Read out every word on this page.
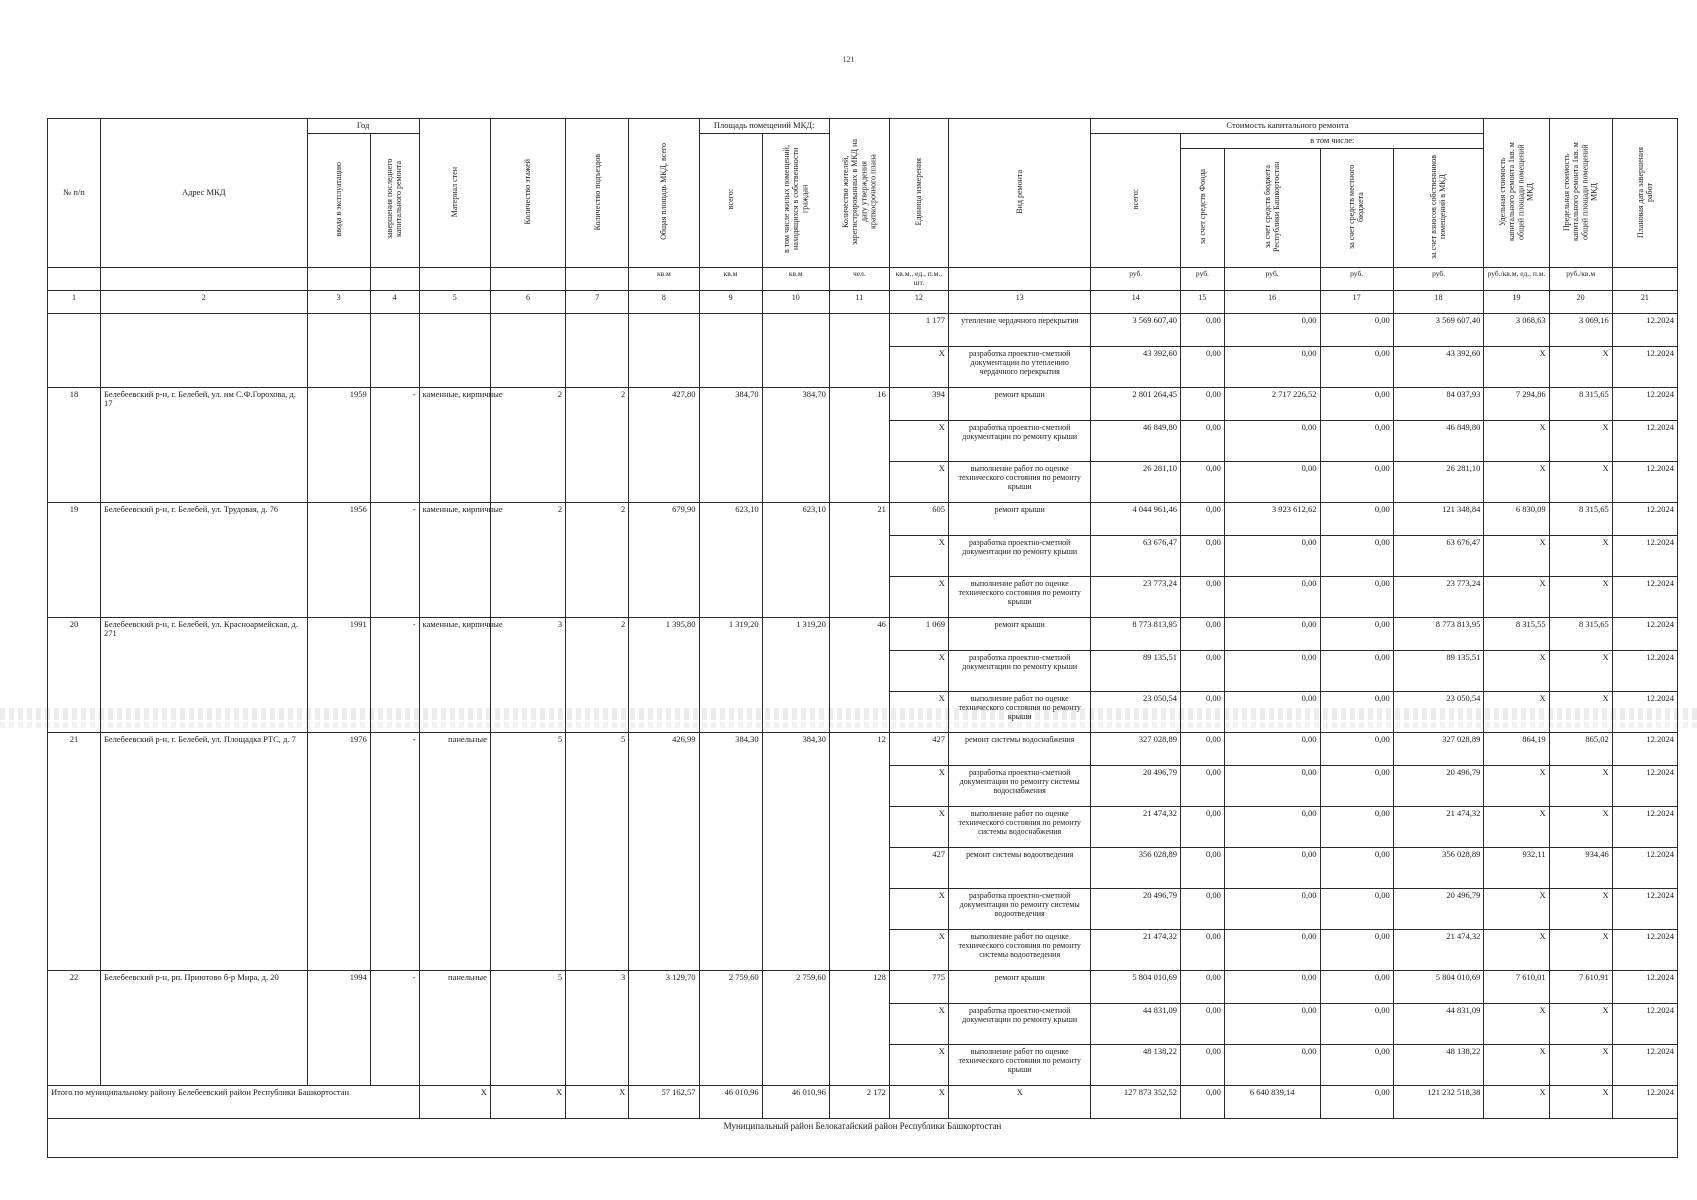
121
№ п/п	Адрес МКД	Год		Материал стен	Количество этажей	Количество подъездов	Общая площадь МКД, всего	Площадь помещений МКД:		Количество жителей, зарегистрированных в МКД на дату утверждения краткосрочного плана	Единица измерения	Вид ремонта	Стоимость капитального ремонта					Удельная стоимость капитального ремонта 1кв. м общей площади помещений МКД	Предельная стоимость капитального ремонта 1кв. м общей площади помещений МКД	Плановая дата завершения работ
		ввода в эксплуатацию	завершения последнего капитального ремонта					всего:	в том числе жилых помещений, находящихся в собственности граждан				всего:	в том числе:						
														за счет средств Фонда	за счет средств бюджета Республики Башкортостан	за счет средств местного бюджета	за счет взносов собственников помещений в МКД			
							кв.м	кв.м	кв.м	чел.	кв.м., ед., п.м., шт.		руб.	руб.	руб.	руб.	руб.	руб./кв.м, ед., п.м.	руб./кв.м	
1	2	3	4	5	6	7	8	9	10	11	12	13	14	15	16	17	18	19	20	21
											1 177	утепление чердачного перекрытия	3 569 607,40	0,00	0,00	0,00	3 569 607,40	3 068,63	3 069,16	12.2024
											X	разработка проектно-сметной документации по утеплению чердачного перекрытия	43 392,60	0,00	0,00	0,00	43 392,60	X	X	12.2024
18	Белебеевский р-н, г. Белебей, ул. им С.Ф.Горохова, д. 17	1959	-	каменные, кирпичные	2	2	427,80	384,70	384,70	16	394	ремонт крыши	2 801 264,45	0,00	2 717 226,52	0,00	84 037,93	7 294,86	8 315,65	12.2024
											X	разработка проектно-сметной документации по ремонту крыши	46 849,80	0,00	0,00	0,00	46 849,80	X	X	12.2024
											X	выполнение работ по оценке технического состояния по ремонту крыши	26 281,10	0,00	0,00	0,00	26 281,10	X	X	12.2024
19	Белебеевский р-н, г. Белебей, ул. Трудовая, д. 76	1956	-	каменные, кирпичные	2	2	679,90	623,10	623,10	21	605	ремонт крыши	4 044 961,46	0,00	3 923 612,62	0,00	121 348,84	6 830,09	8 315,65	12.2024
											X	разработка проектно-сметной документации по ремонту крыши	63 676,47	0,00	0,00	0,00	63 676,47	X	X	12.2024
											X	выполнение работ по оценке технического состояния по ремонту крыши	23 773,24	0,00	0,00	0,00	23 773,24	X	X	12.2024
20	Белебеевский р-н, г. Белебей, ул. Красноармейская, д. 271	1991	-	каменные, кирпичные	3	2	1 395,80	1 319,20	1 319,20	46	1 069	ремонт крыши	8 773 813,95	0,00	0,00	0,00	8 773 813,95	8 315,55	8 315,65	12.2024
											X	разработка проектно-сметной документации по ремонту крыши	89 135,51	0,00	0,00	0,00	89 135,51	X	X	12.2024
											X	выполнение работ по оценке технического состояния по ремонту крыши	23 050,54	0,00	0,00	0,00	23 050,54	X	X	12.2024
21	Белебеевский р-н, г. Белебей, ул. Площадка РТС, д. 7	1976	-	панельные	5	5	426,99	384,30	384,30	12	427	ремонт системы водоснабжения	327 028,89	0,00	0,00	0,00	327 028,89	864,19	865,02	12.2024
											X	разработка проектно-сметной документации по ремонту системы водоснабжения	20 496,79	0,00	0,00	0,00	20 496,79	X	X	12.2024
											X	выполнение работ по оценке технического состояния по ремонту системы водоснабжения	21 474,32	0,00	0,00	0,00	21 474,32	X	X	12.2024
											427	ремонт системы водоотведения	356 028,89	0,00	0,00	0,00	356 028,89	932,11	934,46	12.2024
											X	разработка проектно-сметной документации по ремонту системы водоотведения	20 496,79	0,00	0,00	0,00	20 496,79	X	X	12.2024
											X	выполнение работ по оценке технического состояния по ремонту системы водоотведения	21 474,32	0,00	0,00	0,00	21 474,32	X	X	12.2024
22	Белебеевский р-н, рп. Приютово б-р Мира, д. 20	1994	-	панельные	5	3	3 129,70	2 759,60	2 759,60	128	775	ремонт крыши	5 804 010,69	0,00	0,00	0,00	5 804 010,69	7 610,01	7 610,91	12.2024
											X	разработка проектно-сметной документации по ремонту крыши	44 831,09	0,00	0,00	0,00	44 831,09	X	X	12.2024
											X	выполнение работ по оценке технического состояния по ремонту крыши	48 138,22	0,00	0,00	0,00	48 138,22	X	X	12.2024
Итого по муниципальному району Белебеевский район Республики Башкортостан				X	X	X	57 162,57	46 010,96	46 010,96	2 172	X	X	127 873 352,52	0,00	6 640 839,14	0,00	121 232 518,38	X	X	12.2024
Муниципальный район Белокатайский район Республики Башкортостан																				
